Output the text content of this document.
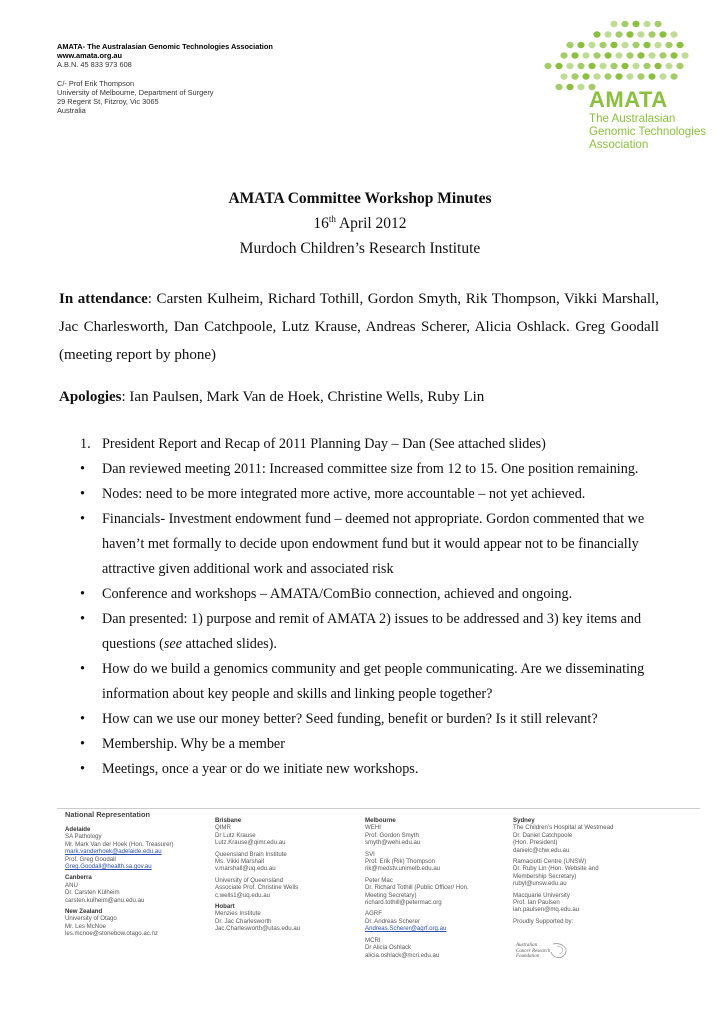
AMATA- The Australasian Genomic Technologies Association
www.amata.org.au
A.B.N. 45 833 973 608
C/- Prof Erik Thompson
University of Melbourne, Department of Surgery
29 Regent St, Fitzroy, Vic 3065
Australia	AMATA
The Australasian
Genomic Technologies
Association
AMATA Committee Workshop Minutes
16th April 2012
Murdoch Children’s Research Institute
In attendance: Carsten Kulheim, Richard Tothill, Gordon Smyth, Rik Thompson, Vikki Marshall, Jac Charlesworth, Dan Catchpoole, Lutz Krause, Andreas Scherer, Alicia Oshlack. Greg Goodall (meeting report by phone)
Apologies: Ian Paulsen, Mark Van de Hoek, Christine Wells, Ruby Lin
1. President Report and Recap of 2011 Planning Day – Dan (See attached slides)
• Dan reviewed meeting 2011: Increased committee size from 12 to 15. One position remaining.
• Nodes: need to be more integrated more active, more accountable – not yet achieved.
• Financials- Investment endowment fund – deemed not appropriate. Gordon commented that we haven’t met formally to decide upon endowment fund but it would appear not to be financially attractive given additional work and associated risk
• Conference and workshops – AMATA/ComBio connection, achieved and ongoing.
• Dan presented: 1) purpose and remit of AMATA 2) issues to be addressed and 3) key items and questions (see attached slides).
• How do we build a genomics community and get people communicating. Are we disseminating information about key people and skills and linking people together?
• How can we use our money better? Seed funding, benefit or burden? Is it still relevant?
• Membership. Why be a member
• Meetings, once a year or do we initiate new workshops.
National Representation
Adelaide
SA Pathology
Mr. Mark Van der Hoek (Hon. Treasurer)
mark.vanderhoek@adelaide.edu.au
Prof. Greg Goodall
Greg.Goodall@health.sa.gov.au
Canberra
ANU
Dr. Carsten Külheim
carsten.kulheim@anu.edu.au
New Zealand
University of Otago
Mr. Les McNoe
les.mcnoe@stonebow.otago.ac.nz
Brisbane
QIMR
Dr Lutz Krause
Lutz.Krause@qimr.edu.au
Queensland Brain Institute
Ms. Vikki Marshall
v.marshall@uq.edu.au
University of Queensland
Associate Prof. Christine Wells
c.wells1@uq.edu.au
Hobart
Menzies Institute
Dr. Jac Charlesworth
Jac.Charlesworth@utas.edu.au
Melbourne
WEHI
Prof. Gordon Smyth
smyth@wehi.edu.au
SVI
Prof. Erik (Rik) Thompson
rik@medstv.unimelb.edu.au
Peter Mac
Dr. Richard Tothill (Public Officer/ Hon.
Meeting Secretary)
richard.tothill@petermac.org
AGRF
Dr. Andreas Scherer
Andreas.Scherer@agrf.org.au
MCRI
Dr Alicia Oshlack
alicia.oshlack@mcri.edu.au
Sydney
The Children’s Hospital at Westmead
Dr. Daniel Catchpoole
(Hon. President)
danielc@chw.edu.au
Ramaciotti Centre (UNSW)
Dr. Ruby Lin (Hon. Website and
Membership Secretary)
rubyl@unsw.edu.au
Macquarie University
Prof. Ian Paulsen
ian.paulsen@mq.edu.au
Proudly Supported by:
Australian
Cancer Research
Foundation
